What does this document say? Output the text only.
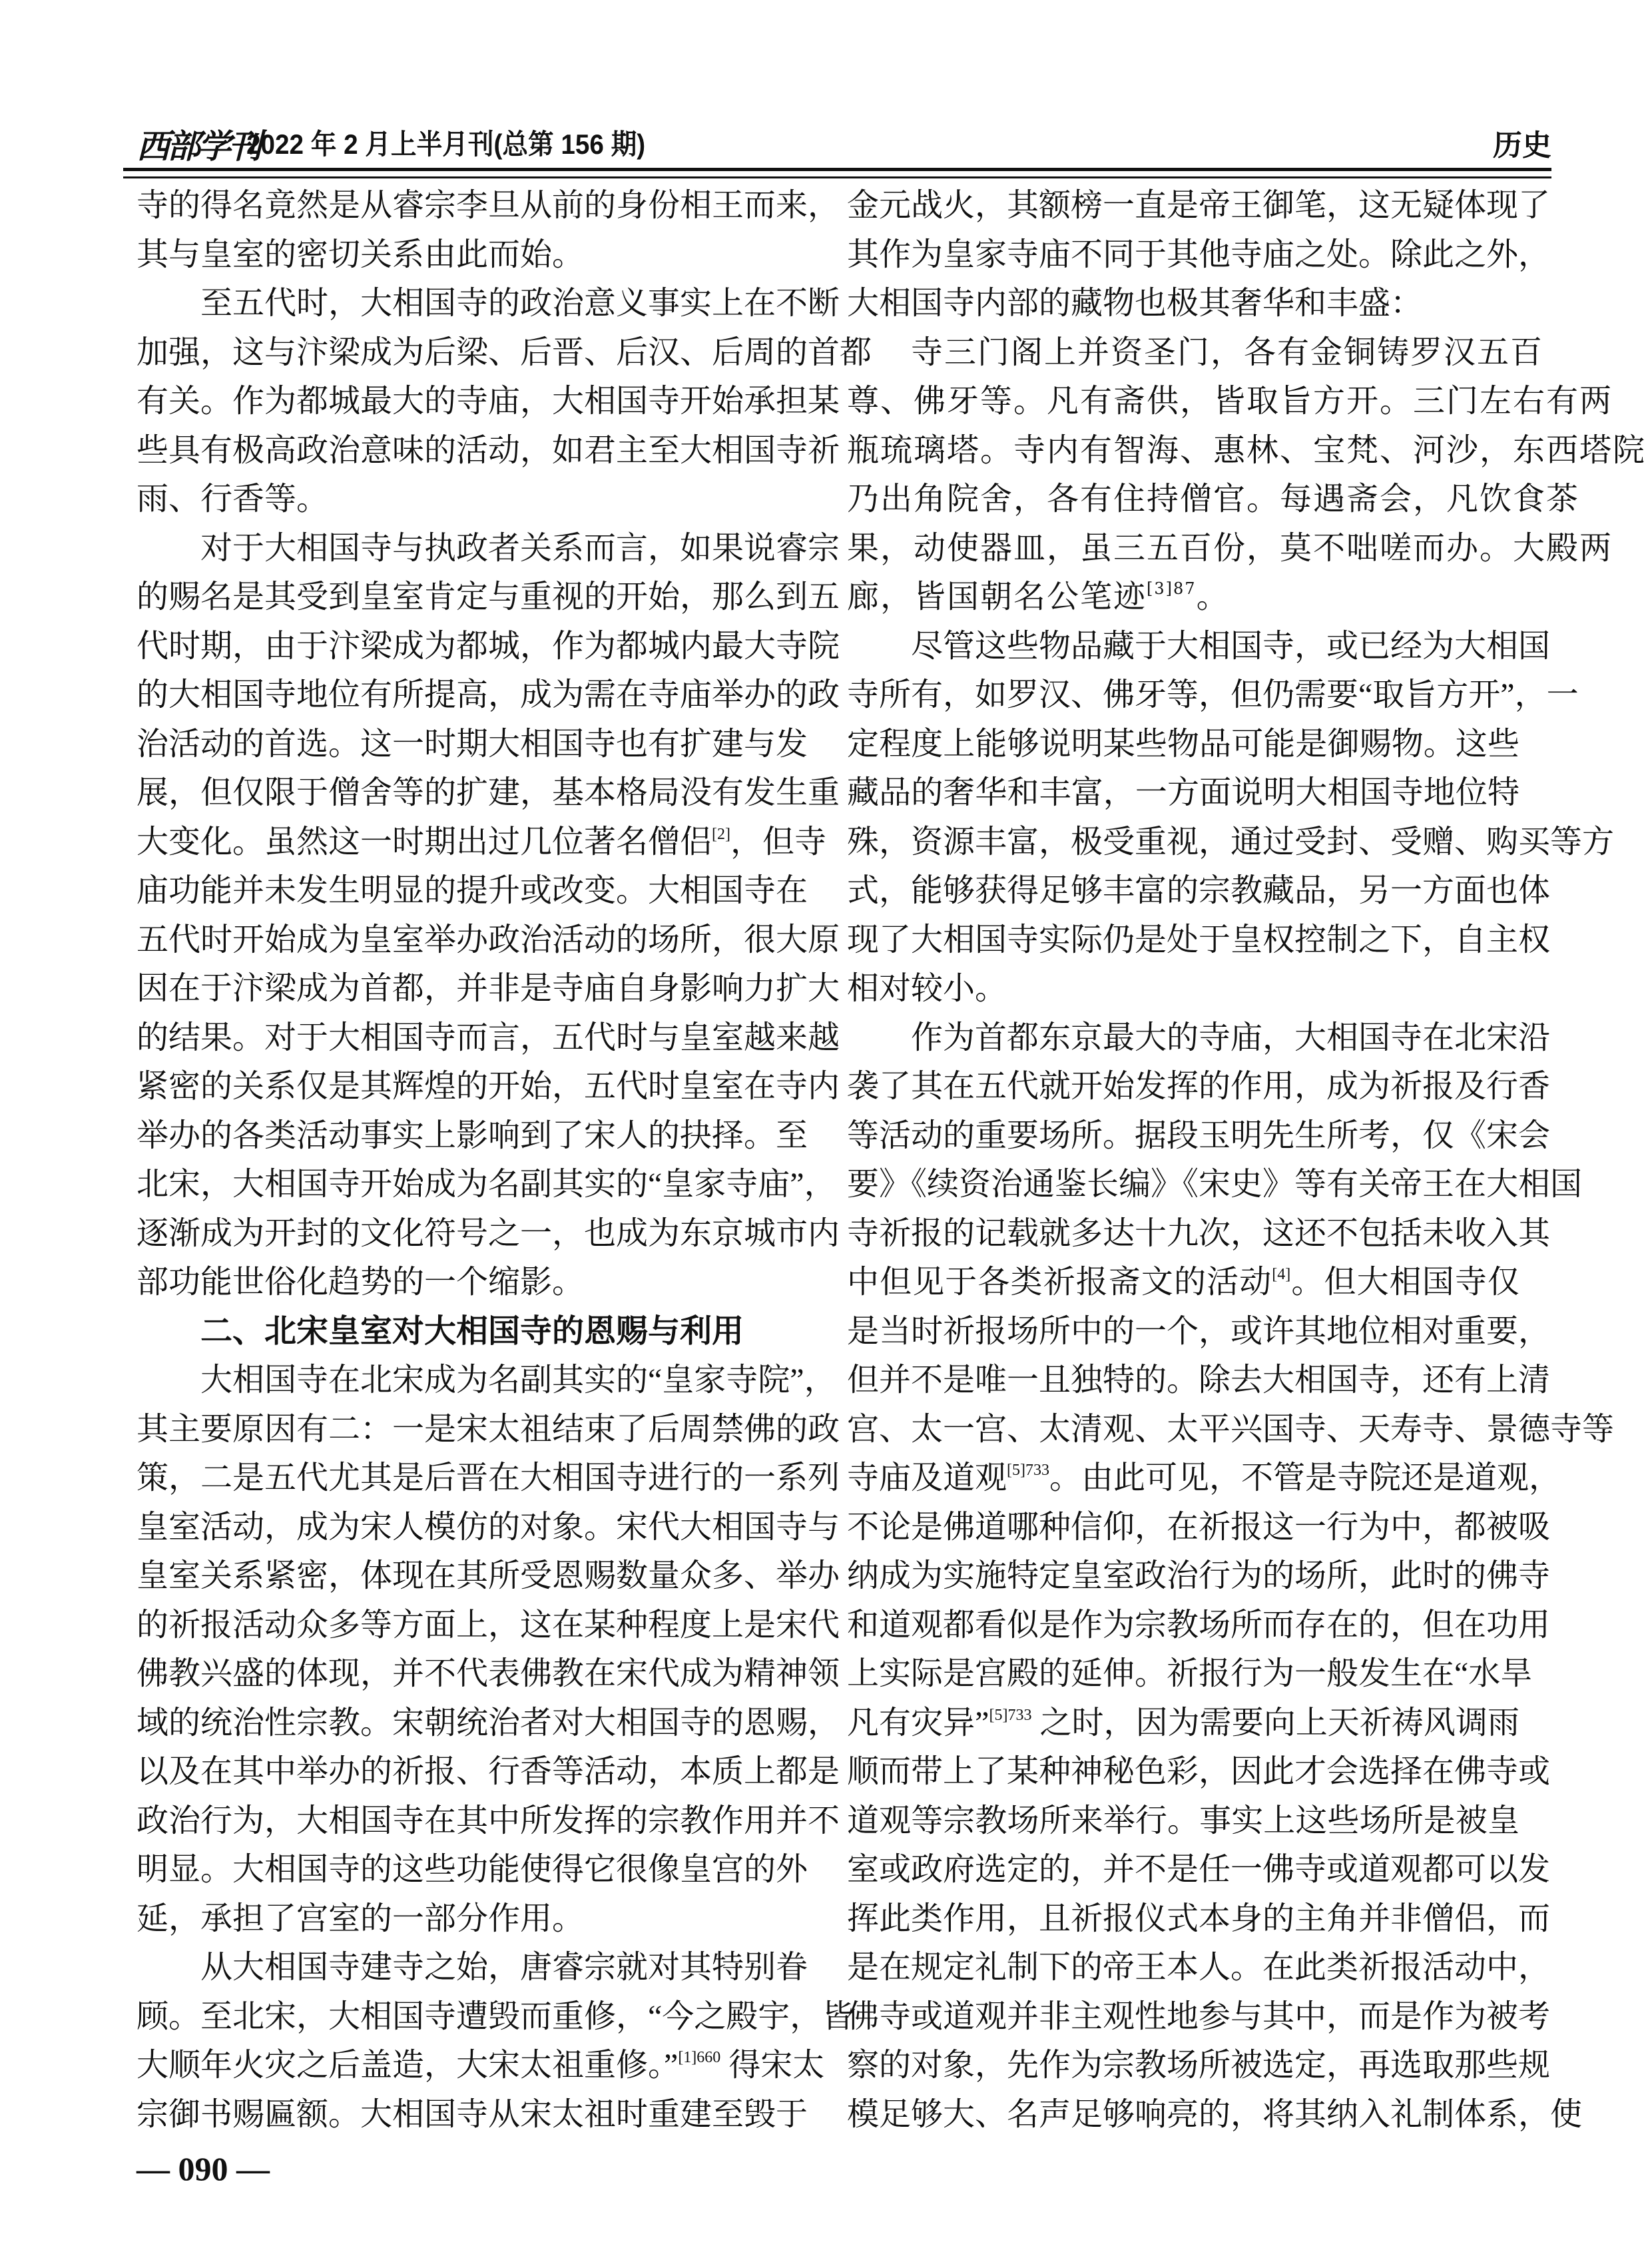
西部学刊
2022 年 2 月上半月刊(总第 156 期)	历史
寺的得名竟然是从睿宗李旦从前的身份相王而来，
其与皇室的密切关系由此而始。
至五代时，大相国寺的政治意义事实上在不断
加强，这与汴梁成为后梁、后晋、后汉、后周的首都
有关。作为都城最大的寺庙，大相国寺开始承担某
些具有极高政治意味的活动，如君主至大相国寺祈
雨、行香等。
对于大相国寺与执政者关系而言，如果说睿宗
的赐名是其受到皇室肯定与重视的开始，那么到五
代时期，由于汴梁成为都城，作为都城内最大寺院
的大相国寺地位有所提高，成为需在寺庙举办的政
治活动的首选。这一时期大相国寺也有扩建与发
展，但仅限于僧舍等的扩建，基本格局没有发生重
大变化。虽然这一时期出过几位著名僧侣[2]，但寺
庙功能并未发生明显的提升或改变。大相国寺在
五代时开始成为皇室举办政治活动的场所，很大原
因在于汴梁成为首都，并非是寺庙自身影响力扩大
的结果。对于大相国寺而言，五代时与皇室越来越
紧密的关系仅是其辉煌的开始，五代时皇室在寺内
举办的各类活动事实上影响到了宋人的抉择。至
北宋，大相国寺开始成为名副其实的“皇家寺庙”，
逐渐成为开封的文化符号之一，也成为东京城市内
部功能世俗化趋势的一个缩影。
二、北宋皇室对大相国寺的恩赐与利用
大相国寺在北宋成为名副其实的“皇家寺院”，
其主要原因有二：一是宋太祖结束了后周禁佛的政
策，二是五代尤其是后晋在大相国寺进行的一系列
皇室活动，成为宋人模仿的对象。宋代大相国寺与
皇室关系紧密，体现在其所受恩赐数量众多、举办
的祈报活动众多等方面上，这在某种程度上是宋代
佛教兴盛的体现，并不代表佛教在宋代成为精神领
域的统治性宗教。宋朝统治者对大相国寺的恩赐，
以及在其中举办的祈报、行香等活动，本质上都是
政治行为，大相国寺在其中所发挥的宗教作用并不
明显。大相国寺的这些功能使得它很像皇宫的外
延，承担了宫室的一部分作用。
从大相国寺建寺之始，唐睿宗就对其特别眷
顾。至北宋，大相国寺遭毁而重修，“今之殿宇，皆
大顺年火灾之后盖造，大宋太祖重修。”$^{[1]660}$ 得宋太
宗御书赐匾额。大相国寺从宋太祖时重建至毁于
金元战火，其额榜一直是帝王御笔，这无疑体现了
其作为皇家寺庙不同于其他寺庙之处。除此之外，
大相国寺内部的藏物也极其奢华和丰盛：
寺三门阁上并资圣门，各有金铜铸罗汉五百
尊、佛牙等。凡有斋供，皆取旨方开。三门左右有两
瓶琉璃塔。寺内有智海、惠林、宝梵、河沙，东西塔院
乃出角院舍，各有住持僧官。每遇斋会，凡饮食茶
果，动使器皿，虽三五百份，莫不咄嗟而办。大殿两
廊，皆国朝名公笔迹$^{[3]87}$。
尽管这些物品藏于大相国寺，或已经为大相国
寺所有，如罗汉、佛牙等，但仍需要“取旨方开”，一
定程度上能够说明某些物品可能是御赐物。这些
藏品的奢华和丰富，一方面说明大相国寺地位特
殊，资源丰富，极受重视，通过受封、受赠、购买等方
式，能够获得足够丰富的宗教藏品，另一方面也体
现了大相国寺实际仍是处于皇权控制之下，自主权
相对较小。
作为首都东京最大的寺庙，大相国寺在北宋沿
袭了其在五代就开始发挥的作用，成为祈报及行香
等活动的重要场所。据段玉明先生所考，仅《宋会
要》《续资治通鉴长编》《宋史》等有关帝王在大相国
寺祈报的记载就多达十九次，这还不包括未收入其
中但见于各类祈报斋文的活动[4]。但大相国寺仅
是当时祈报场所中的一个，或许其地位相对重要，
但并不是唯一且独特的。除去大相国寺，还有上清
宫、太一宫、太清观、太平兴国寺、天寿寺、景德寺等
寺庙及道观$^{[5]733}$。由此可见，不管是寺院还是道观，
不论是佛道哪种信仰，在祈报这一行为中，都被吸
纳成为实施特定皇室政治行为的场所，此时的佛寺
和道观都看似是作为宗教场所而存在的，但在功用
上实际是宫殿的延伸。祈报行为一般发生在“水旱
凡有灾异”$^{[5]733}$ 之时，因为需要向上天祈祷风调雨
顺而带上了某种神秘色彩，因此才会选择在佛寺或
道观等宗教场所来举行。事实上这些场所是被皇
室或政府选定的，并不是任一佛寺或道观都可以发
挥此类作用，且祈报仪式本身的主角并非僧侣，而
是在规定礼制下的帝王本人。在此类祈报活动中，
佛寺或道观并非主观性地参与其中，而是作为被考
察的对象，先作为宗教场所被选定，再选取那些规
模足够大、名声足够响亮的，将其纳入礼制体系，使
— 090 —
